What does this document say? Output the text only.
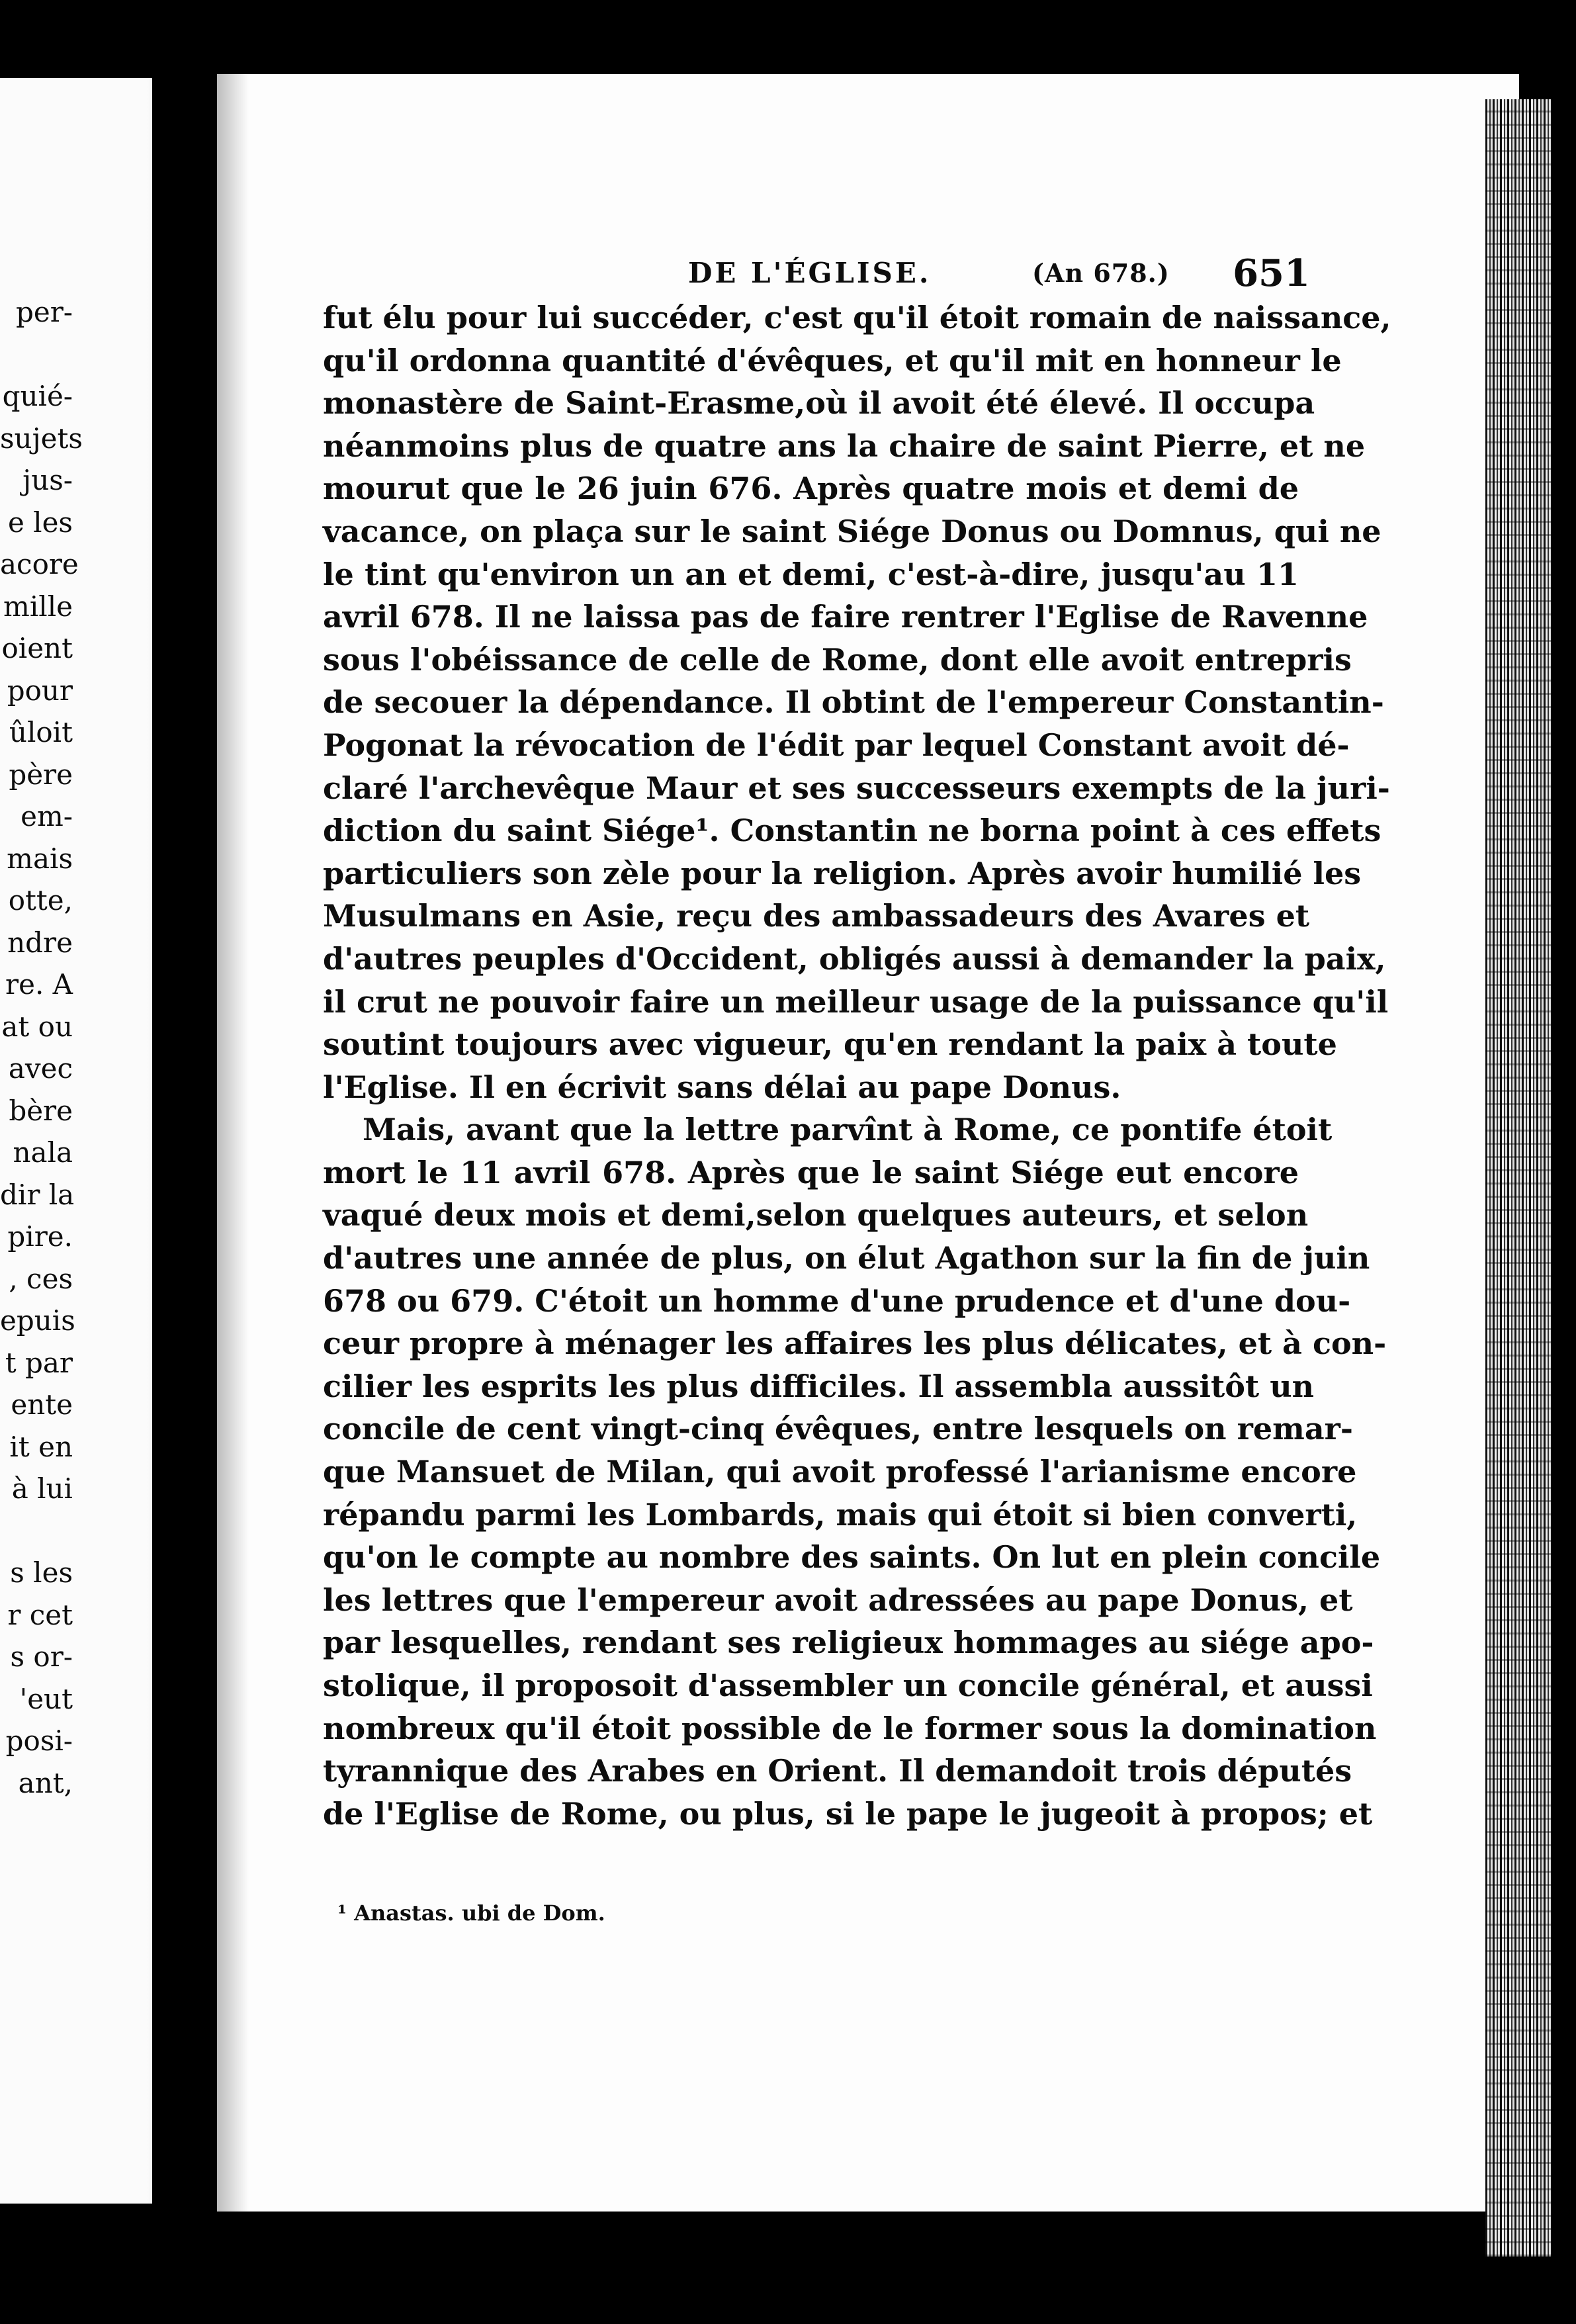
per-
quié-
sujets
jus-
e les
acore
mille
oient
pour
ûloit
père
em-
mais
otte,
ndre
re. A
at ou
avec
bère
nala
dir la
pire.
, ces
epuis
t par
ente
it en
à lui
s les
r cet
s or-
'eut
posi-
ant,
DE L'ÉGLISE.	(An 678.) 651
fut élu pour lui succéder, c'est qu'il étoit romain de naissance,
qu'il ordonna quantité d'évêques, et qu'il mit en honneur le
monastère de Saint-Erasme,où il avoit été élevé. Il occupa
néanmoins plus de quatre ans la chaire de saint Pierre, et ne
mourut que le 26 juin 676. Après quatre mois et demi de
vacance, on plaça sur le saint Siége Donus ou Domnus, qui ne
le tint qu'environ un an et demi, c'est-à-dire, jusqu'au 11
avril 678. Il ne laissa pas de faire rentrer l'Eglise de Ravenne
sous l'obéissance de celle de Rome, dont elle avoit entrepris
de secouer la dépendance. Il obtint de l'empereur Constantin-
Pogonat la révocation de l'édit par lequel Constant avoit dé-
claré l'archevêque Maur et ses successeurs exempts de la juri-
diction du saint Siége¹. Constantin ne borna point à ces effets
particuliers son zèle pour la religion. Après avoir humilié les
Musulmans en Asie, reçu des ambassadeurs des Avares et
d'autres peuples d'Occident, obligés aussi à demander la paix,
il crut ne pouvoir faire un meilleur usage de la puissance qu'il
soutint toujours avec vigueur, qu'en rendant la paix à toute
l'Eglise. Il en écrivit sans délai au pape Donus.
Mais, avant que la lettre parvînt à Rome, ce pontife étoit
mort le 11 avril 678. Après que le saint Siége eut encore
vaqué deux mois et demi,selon quelques auteurs, et selon
d'autres une année de plus, on élut Agathon sur la fin de juin
678 ou 679. C'étoit un homme d'une prudence et d'une dou-
ceur propre à ménager les affaires les plus délicates, et à con-
cilier les esprits les plus difficiles. Il assembla aussitôt un
concile de cent vingt-cinq évêques, entre lesquels on remar-
que Mansuet de Milan, qui avoit professé l'arianisme encore
répandu parmi les Lombards, mais qui étoit si bien converti,
qu'on le compte au nombre des saints. On lut en plein concile
les lettres que l'empereur avoit adressées au pape Donus, et
par lesquelles, rendant ses religieux hommages au siége apo-
stolique, il proposoit d'assembler un concile général, et aussi
nombreux qu'il étoit possible de le former sous la domination
tyrannique des Arabes en Orient. Il demandoit trois députés
de l'Eglise de Rome, ou plus, si le pape le jugeoit à propos; et
¹ Anastas. ubi de Dom.
